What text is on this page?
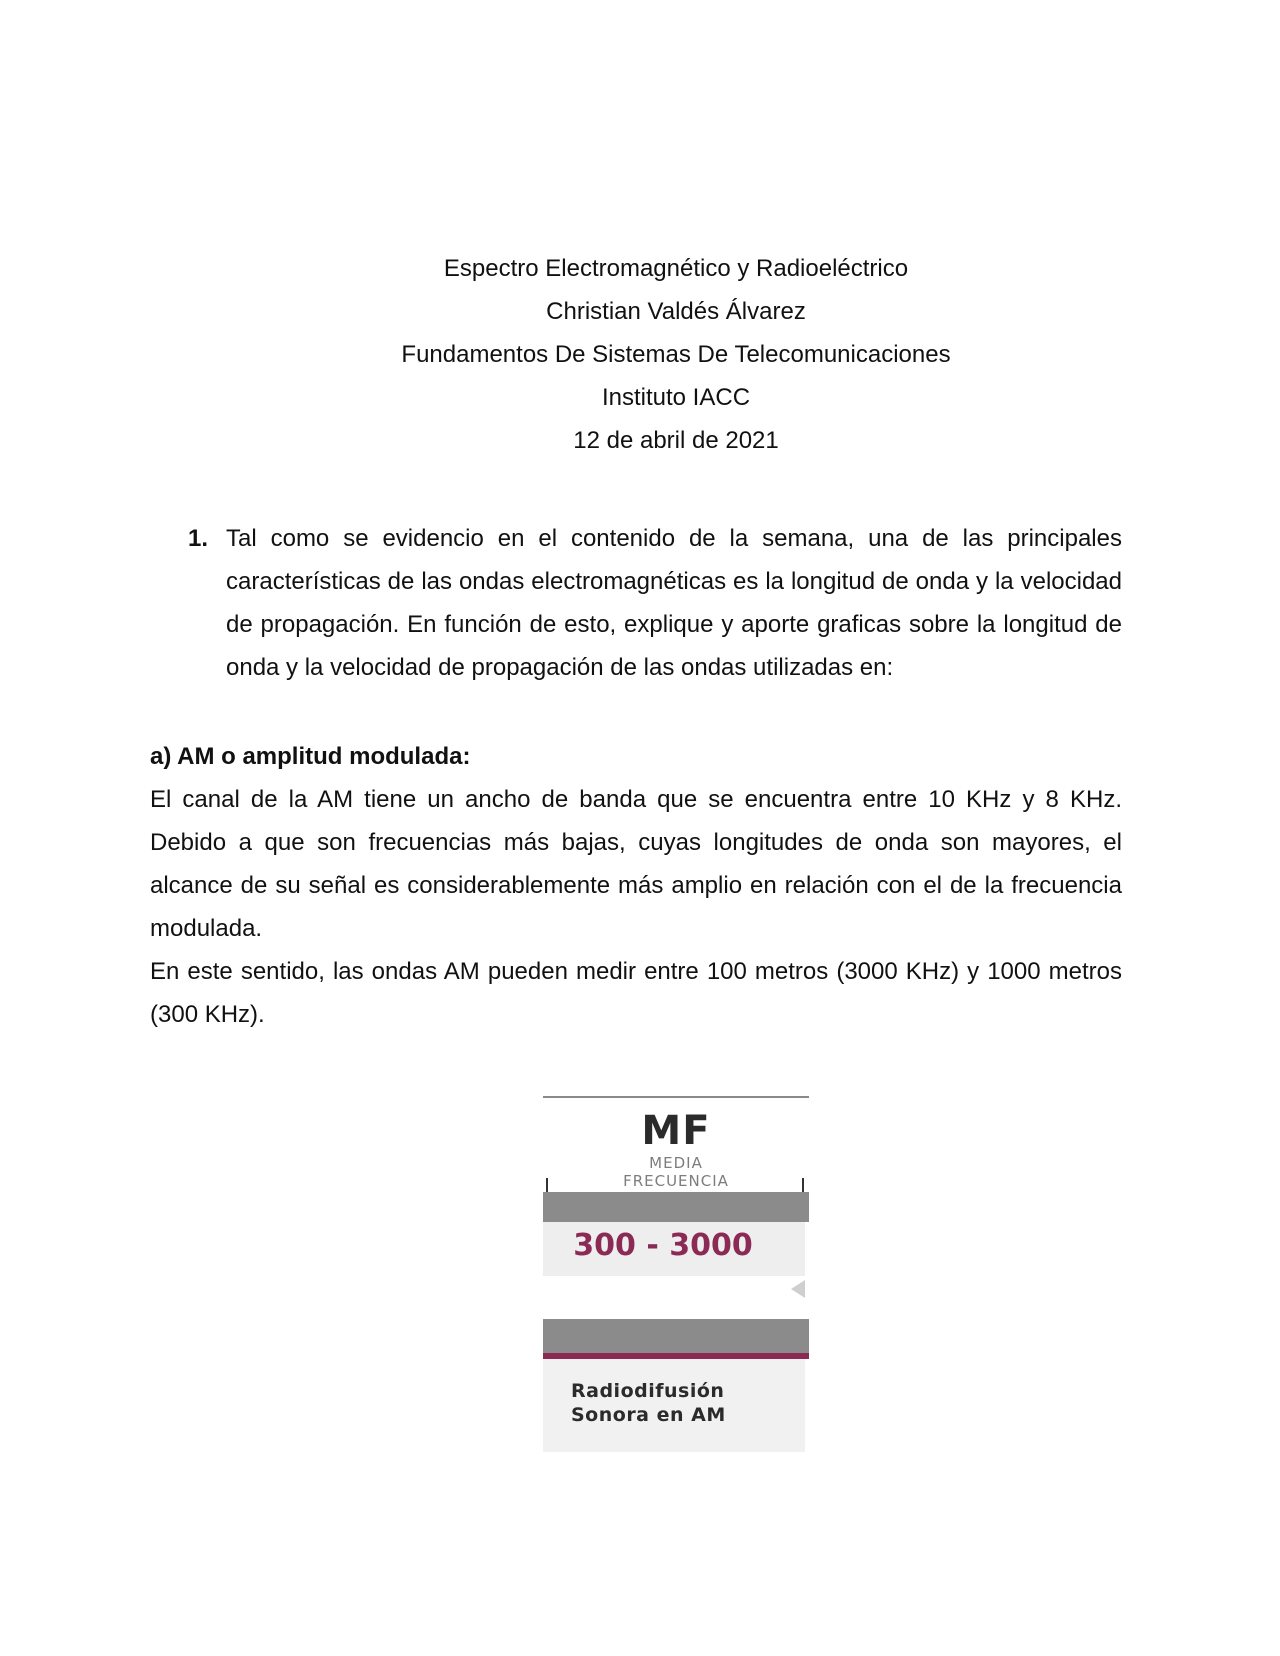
Espectro Electromagnético y Radioeléctrico
Christian Valdés Álvarez
Fundamentos De Sistemas De Telecomunicaciones
Instituto IACC
12 de abril de 2021
1. Tal como se evidencio en el contenido de la semana, una de las principales características de las ondas electromagnéticas es la longitud de onda y la velocidad de propagación. En función de esto, explique y aporte graficas sobre la longitud de onda y la velocidad de propagación de las ondas utilizadas en:
a) AM o amplitud modulada:

El canal de la AM tiene un ancho de banda que se encuentra entre 10 KHz y 8 KHz. Debido a que son frecuencias más bajas, cuyas longitudes de onda son mayores, el alcance de su señal es considerablemente más amplio en relación con el de la frecuencia modulada.

En este sentido, las ondas AM pueden medir entre 100 metros (3000 KHz) y 1000 metros (300 KHz).

MF
MEDIA
FRECUENCIA
300 - 3000
Radiodifusión
Sonora en AM
